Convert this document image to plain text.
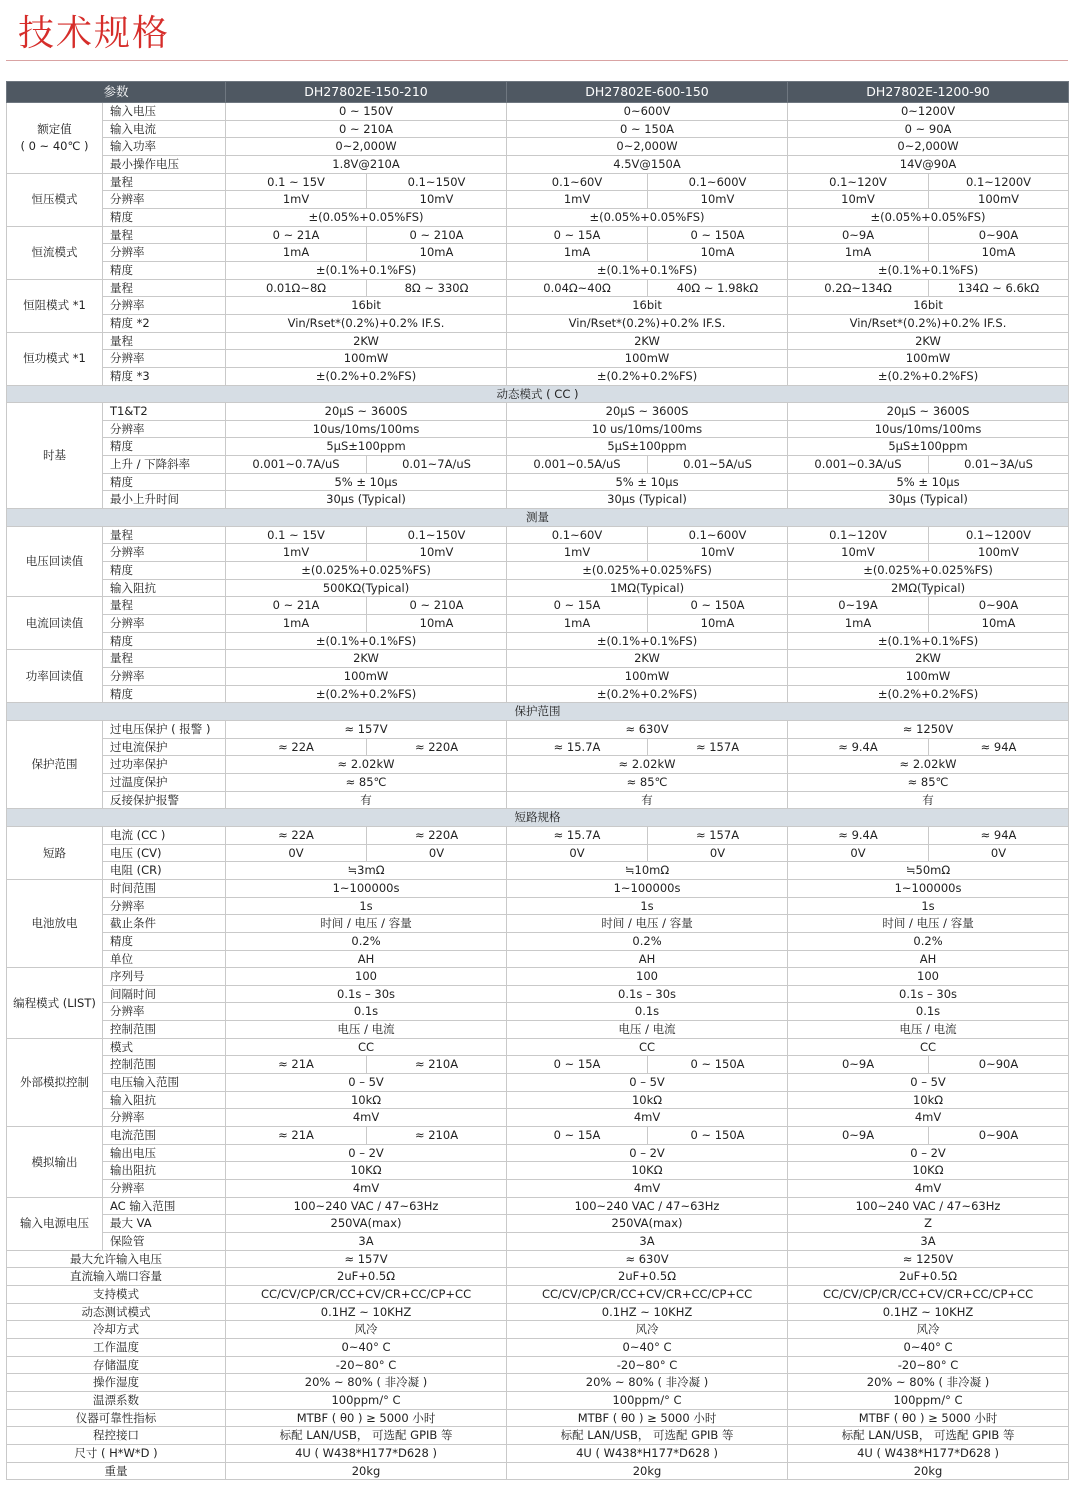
技术规格
参数		DH27802E-150-210		DH27802E-600-150		DH27802E-1200-90	

额定值
( 0 ~ 40℃ )	输入电压	0 ~ 150V		0~600V		0~1200V	
	输入电流	0 ~ 210A		0 ~ 150A		0 ~ 90A	
	输入功率	0~2,000W		0~2,000W		0~2,000W	
	最小操作电压	1.8V@210A		4.5V@150A		14V@90A	

恒压模式	量程	0.1 ~ 15V	0.1~150V	0.1~60V	0.1~600V	0.1~120V	0.1~1200V
	分辨率	1mV	10mV	1mV	10mV	10mV	100mV
	精度	±(0.05%+0.05%FS)		±(0.05%+0.05%FS)		±(0.05%+0.05%FS)	

恒流模式	量程	0 ~ 21A	0 ~ 210A	0 ~ 15A	0 ~ 150A	0~9A	0~90A
	分辨率	1mA	10mA	1mA	10mA	1mA	10mA
	精度	±(0.1%+0.1%FS)		±(0.1%+0.1%FS)		±(0.1%+0.1%FS)	

恒阻模式 *1	量程	0.01Ω~8Ω	8Ω ~ 330Ω	0.04Ω~40Ω	40Ω ~ 1.98kΩ	0.2Ω~134Ω	134Ω ~ 6.6kΩ
	分辨率	16bit		16bit		16bit	
	精度 *2	Vin/Rset*(0.2%)+0.2% IF.S.		Vin/Rset*(0.2%)+0.2% IF.S.		Vin/Rset*(0.2%)+0.2% IF.S.	

恒功模式 *1	量程	2KW		2KW		2KW	
	分辨率	100mW		100mW		100mW	
	精度 *3	±(0.2%+0.2%FS)		±(0.2%+0.2%FS)		±(0.2%+0.2%FS)	
动态模式 ( CC )							

时基	T1&T2	20μS ~ 3600S		20μS ~ 3600S		20μS ~ 3600S	
	分辨率	10us/10ms/100ms		10 us/10ms/100ms		10us/10ms/100ms	
	精度	5μS±100ppm		5μS±100ppm		5μS±100ppm	
	上升 / 下降斜率	0.001~0.7A/uS	0.01~7A/uS	0.001~0.5A/uS	0.01~5A/uS	0.001~0.3A/uS	0.01~3A/uS
	精度	5% ± 10μs		5% ± 10μs		5% ± 10μs	
	最小上升时间	30μs (Typical)		30μs (Typical)		30μs (Typical)	
测量							

电压回读值	量程	0.1 ~ 15V	0.1~150V	0.1~60V	0.1~600V	0.1~120V	0.1~1200V
	分辨率	1mV	10mV	1mV	10mV	10mV	100mV
	精度	±(0.025%+0.025%FS)		±(0.025%+0.025%FS)		±(0.025%+0.025%FS)	
	输入阻抗	500KΩ(Typical)		1MΩ(Typical)		2MΩ(Typical)	

电流回读值	量程	0 ~ 21A	0 ~ 210A	0 ~ 15A	0 ~ 150A	0~19A	0~90A
	分辨率	1mA	10mA	1mA	10mA	1mA	10mA
	精度	±(0.1%+0.1%FS)		±(0.1%+0.1%FS)		±(0.1%+0.1%FS)	

功率回读值	量程	2KW		2KW		2KW	
	分辨率	100mW		100mW		100mW	
	精度	±(0.2%+0.2%FS)		±(0.2%+0.2%FS)		±(0.2%+0.2%FS)	
保护范围							

保护范围	过电压保护 ( 报警 )	≈ 157V		≈ 630V		≈ 1250V	
	过电流保护	≈ 22A	≈ 220A	≈ 15.7A	≈ 157A	≈ 9.4A	≈ 94A
	过功率保护	≈ 2.02kW		≈ 2.02kW		≈ 2.02kW	
	过温度保护	≈ 85℃		≈ 85℃		≈ 85℃	
	反接保护报警	有		有		有	
短路规格							

短路	电流 (CC )	≈ 22A	≈ 220A	≈ 15.7A	≈ 157A	≈ 9.4A	≈ 94A
	电压 (CV)	0V	0V	0V	0V	0V	0V
	电阻 (CR)	≒3mΩ		≒10mΩ		≒50mΩ	

电池放电	时间范围	1~100000s		1~100000s		1~100000s	
	分辨率	1s		1s		1s	
	截止条件	时间 / 电压 / 容量		时间 / 电压 / 容量		时间 / 电压 / 容量	
	精度	0.2%		0.2%		0.2%	
	单位	AH		AH		AH	

编程模式 (LIST)	序列号	100		100		100	
	间隔时间	0.1s – 30s		0.1s – 30s		0.1s – 30s	
	分辨率	0.1s		0.1s		0.1s	
	控制范围	电压 / 电流		电压 / 电流		电压 / 电流	

外部模拟控制	模式	CC		CC		CC	
	控制范围	≈ 21A	≈ 210A	0 ~ 15A	0 ~ 150A	0~9A	0~90A
	电压输入范围	0 – 5V		0 – 5V		0 – 5V	
	输入阻抗	10kΩ		10kΩ		10kΩ	
	分辨率	4mV		4mV		4mV	

模拟输出	电流范围	≈ 21A	≈ 210A	0 ~ 15A	0 ~ 150A	0~9A	0~90A
	输出电压	0 – 2V		0 – 2V		0 – 2V	
	输出阻抗	10KΩ		10KΩ		10KΩ	
	分辨率	4mV		4mV		4mV	

输入电源电压	AC 输入范围	100~240 VAC / 47~63Hz		100~240 VAC / 47~63Hz		100~240 VAC / 47~63Hz	
	最大 VA	250VA(max)		250VA(max)		Z	
	保险管	3A		3A		3A	
最大允许输入电压		≈ 157V		≈ 630V		≈ 1250V	
直流输入端口容量		2uF+0.5Ω		2uF+0.5Ω		2uF+0.5Ω	
支持模式		CC/CV/CP/CR/CC+CV/CR+CC/CP+CC		CC/CV/CP/CR/CC+CV/CR+CC/CP+CC		CC/CV/CP/CR/CC+CV/CR+CC/CP+CC	
动态测试模式		0.1HZ ~ 10KHZ		0.1HZ ~ 10KHZ		0.1HZ ~ 10KHZ	
冷却方式		风冷		风冷		风冷	
工作温度		0~40° C		0~40° C		0~40° C	
存储温度		-20~80° C		-20~80° C		-20~80° C	
操作湿度		20% ~ 80% ( 非冷凝 )		20% ~ 80% ( 非冷凝 )		20% ~ 80% ( 非冷凝 )	
温漂系数		100ppm/° C		100ppm/° C		100ppm/° C	
仪器可靠性指标		MTBF ( θ0 ) ≥ 5000 小时		MTBF ( θ0 ) ≥ 5000 小时		MTBF ( θ0 ) ≥ 5000 小时	
程控接口		标配 LAN/USB， 可选配 GPIB 等		标配 LAN/USB， 可选配 GPIB 等		标配 LAN/USB， 可选配 GPIB 等	
尺寸 ( H*W*D )		4U ( W438*H177*D628 )		4U ( W438*H177*D628 )		4U ( W438*H177*D628 )	
重量		20kg		20kg		20kg	
